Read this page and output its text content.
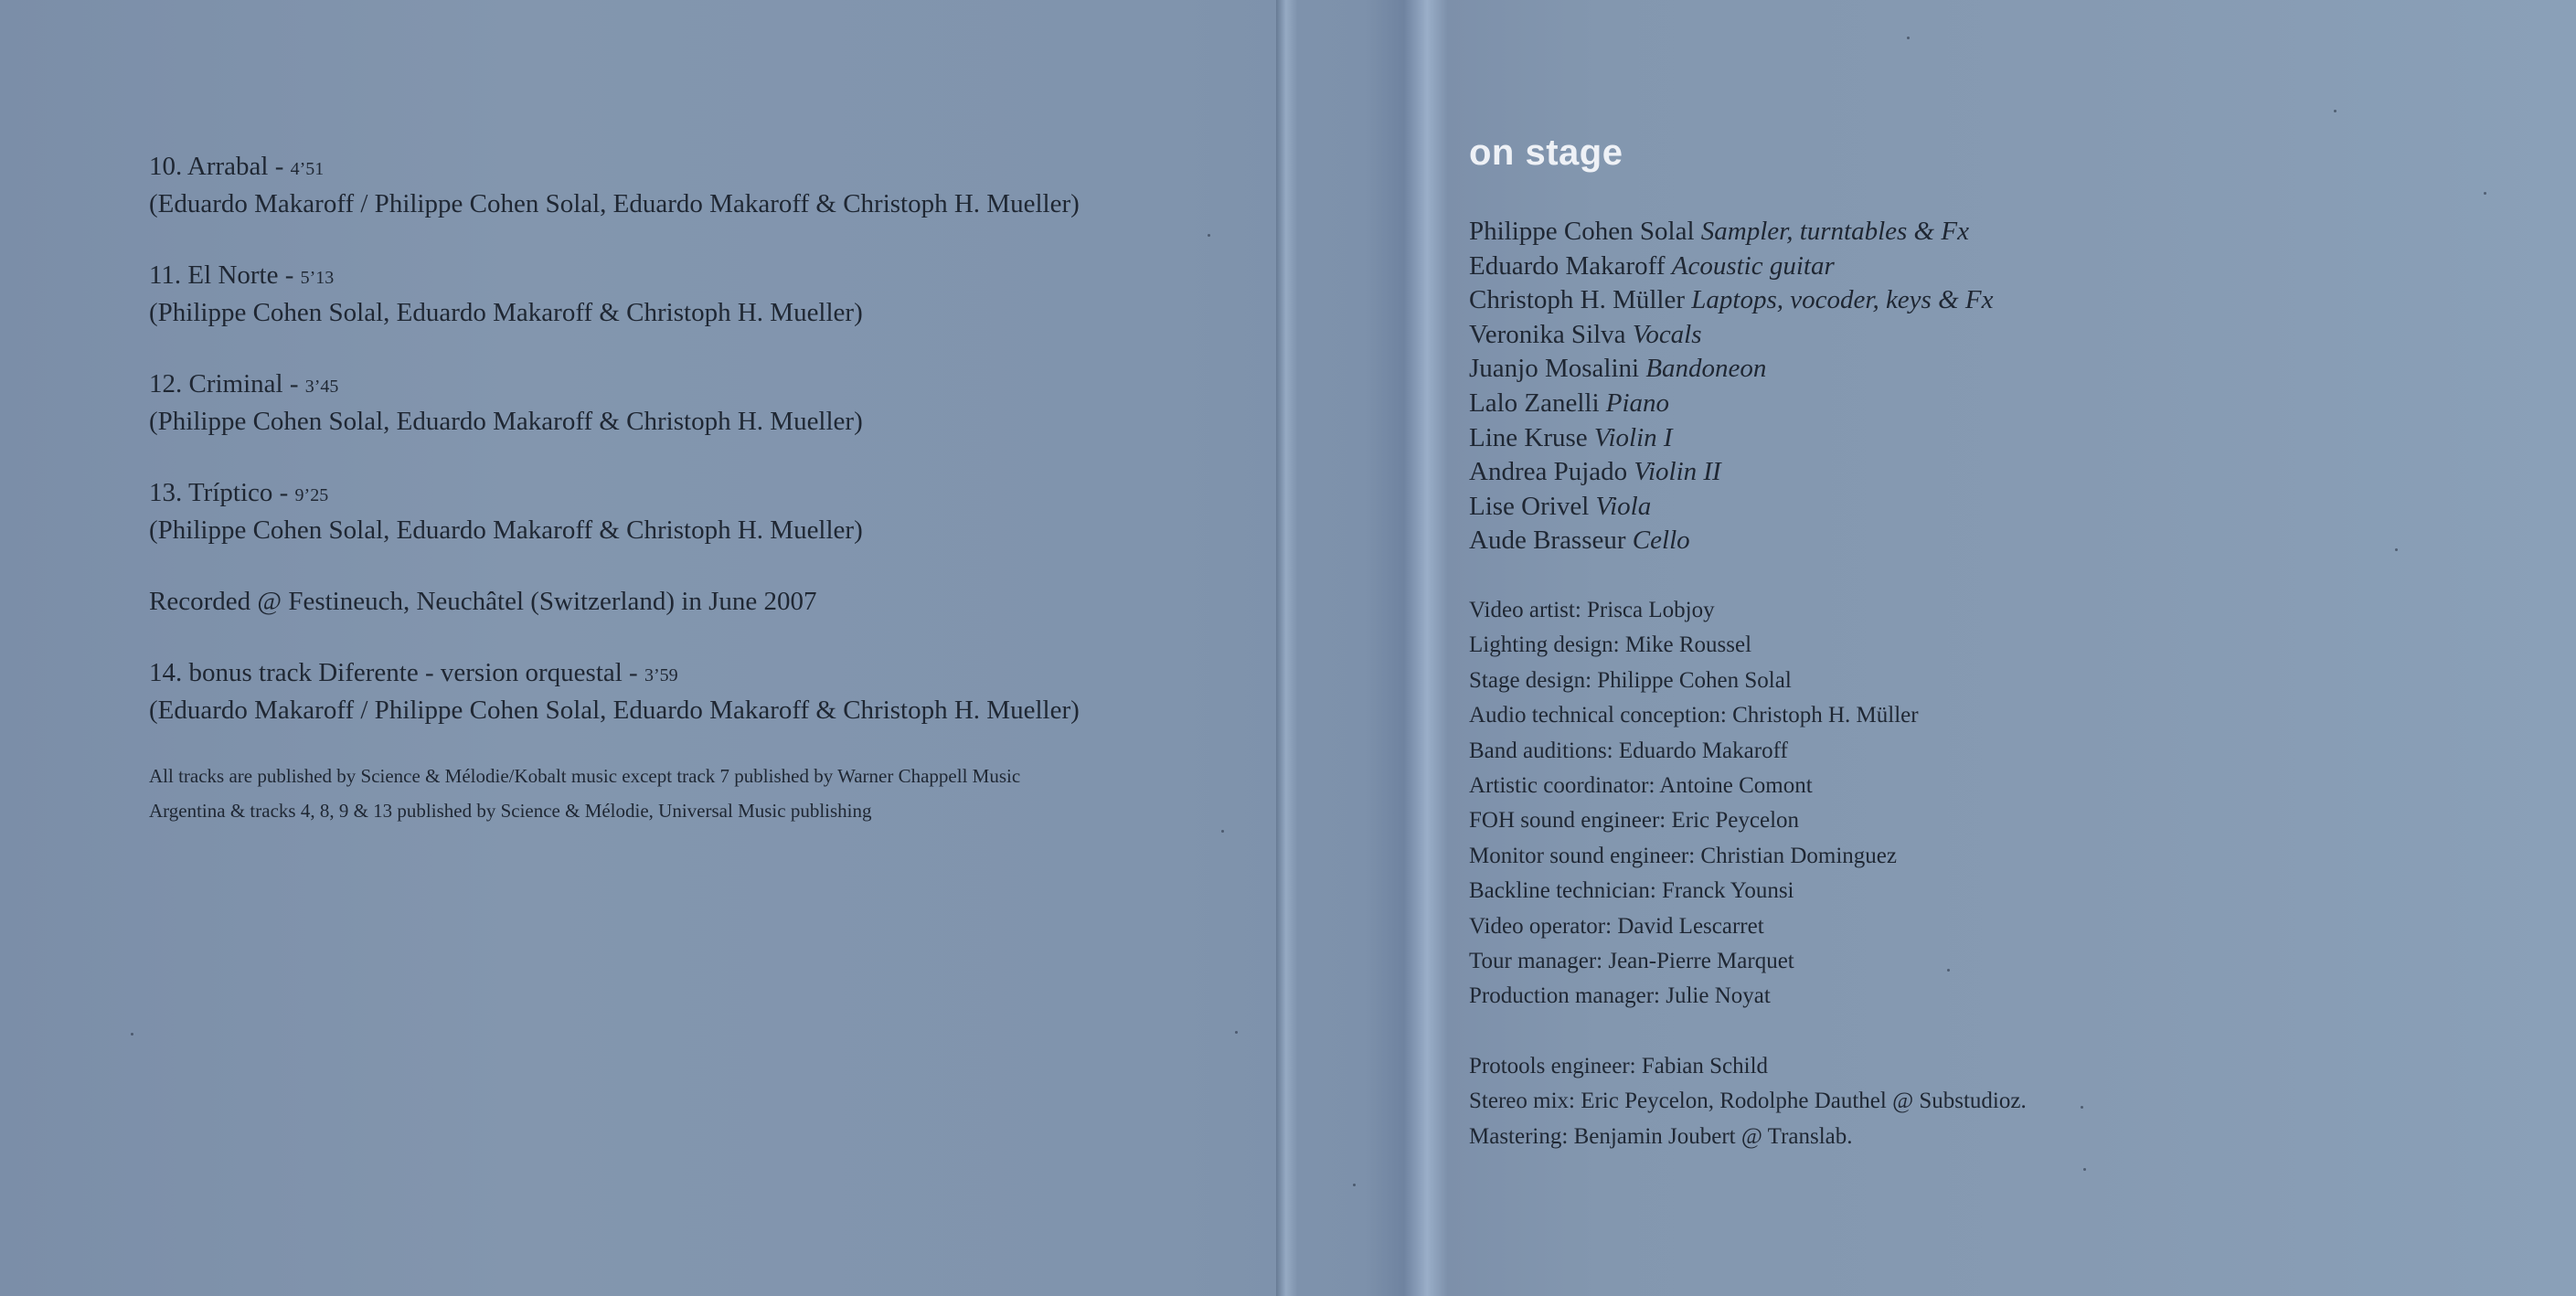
10. Arrabal - 4’51
(Eduardo Makaroff / Philippe Cohen Solal, Eduardo Makaroff & Christoph H. Mueller)
11. El Norte - 5’13
(Philippe Cohen Solal, Eduardo Makaroff & Christoph H. Mueller)
12. Criminal - 3’45
(Philippe Cohen Solal, Eduardo Makaroff & Christoph H. Mueller)
13. Tríptico - 9’25
(Philippe Cohen Solal, Eduardo Makaroff & Christoph H. Mueller)
Recorded @ Festineuch, Neuchâtel (Switzerland) in June 2007
14. bonus track Diferente - version orquestal - 3’59
(Eduardo Makaroff / Philippe Cohen Solal, Eduardo Makaroff & Christoph H. Mueller)
All tracks are published by Science & Mélodie/Kobalt music except track 7 published by Warner Chappell Music
Argentina & tracks 4, 8, 9 & 13 published by Science & Mélodie, Universal Music publishing
on stage
Philippe Cohen Solal Sampler, turntables & Fx
Eduardo Makaroff Acoustic guitar
Christoph H. Müller Laptops, vocoder, keys & Fx
Veronika Silva Vocals
Juanjo Mosalini Bandoneon
Lalo Zanelli Piano
Line Kruse Violin I
Andrea Pujado Violin II
Lise Orivel Viola
Aude Brasseur Cello
Video artist: Prisca Lobjoy
Lighting design: Mike Roussel
Stage design: Philippe Cohen Solal
Audio technical conception: Christoph H. Müller
Band auditions: Eduardo Makaroff
Artistic coordinator: Antoine Comont
FOH sound engineer: Eric Peycelon
Monitor sound engineer: Christian Dominguez
Backline technician: Franck Younsi
Video operator: David Lescarret
Tour manager: Jean-Pierre Marquet
Production manager: Julie Noyat
Protools engineer: Fabian Schild
Stereo mix: Eric Peycelon, Rodolphe Dauthel @ Substudioz.
Mastering: Benjamin Joubert @ Translab.
